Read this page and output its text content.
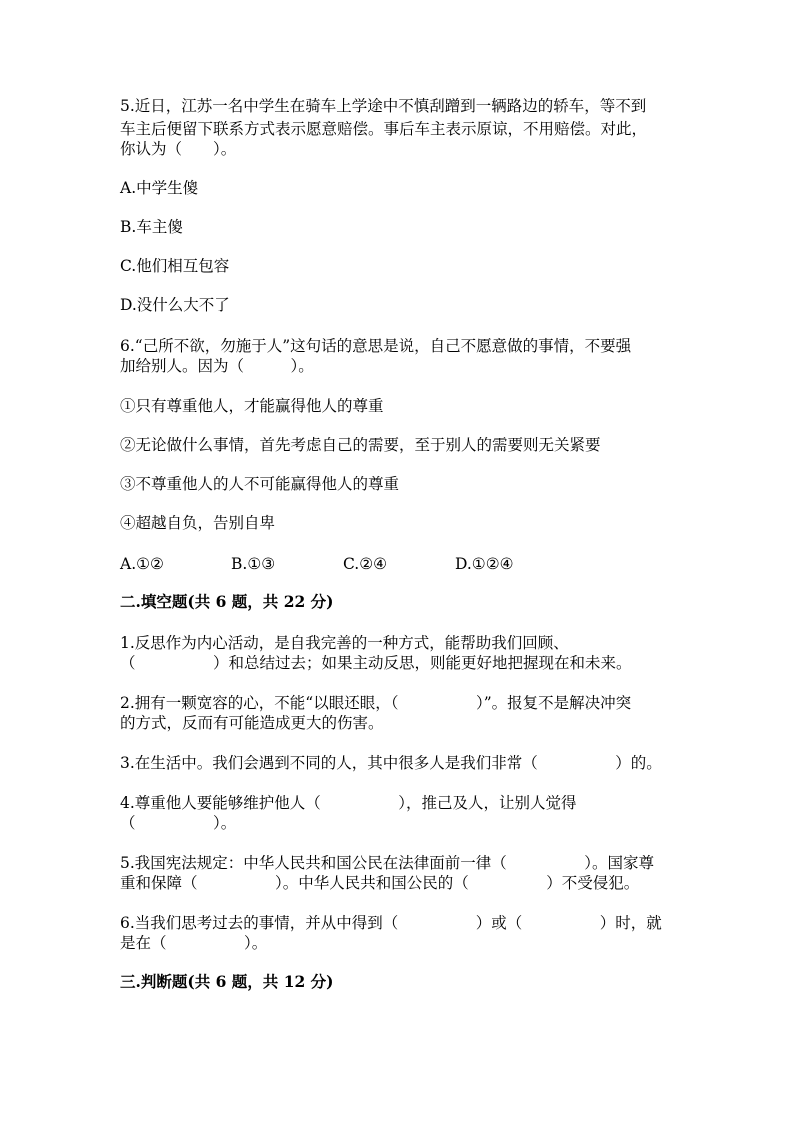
5.近日，江苏一名中学生在骑车上学途中不慎刮蹭到一辆路边的轿车，等不到
车主后便留下联系方式表示愿意赔偿。事后车主表示原谅，不用赔偿。对此，
你认为（　　）。
A.中学生傻
B.车主傻
C.他们相互包容
D.没什么大不了
6.“己所不欲，勿施于人”这句话的意思是说，自己不愿意做的事情，不要强
加给别人。因为（　　　）。
①只有尊重他人，才能赢得他人的尊重
②无论做什么事情，首先考虑自己的需要，至于别人的需要则无关紧要
③不尊重他人的人不可能赢得他人的尊重
④超越自负，告别自卑
A.①②	B.①③	C.②④	D.①②④
二.填空题(共 6 题，共 22 分)
1.反思作为内心活动，是自我完善的一种方式，能帮助我们回顾、
（　　　　　）和总结过去；如果主动反思，则能更好地把握现在和未来。
2.拥有一颗宽容的心，不能“以眼还眼，（　　　　　）”。报复不是解决冲突
的方式，反而有可能造成更大的伤害。
3.在生活中。我们会遇到不同的人，其中很多人是我们非常（　　　　　）的。
4.尊重他人要能够维护他人（　　　　　），推己及人，让别人觉得
（　　　　　）。
5.我国宪法规定：中华人民共和国公民在法律面前一律（　　　　　）。国家尊
重和保障（　　　　　）。中华人民共和国公民的（　　　　　）不受侵犯。
6.当我们思考过去的事情，并从中得到（　　　　　）或（　　　　　）时，就
是在（　　　　　）。
三.判断题(共 6 题，共 12 分)
